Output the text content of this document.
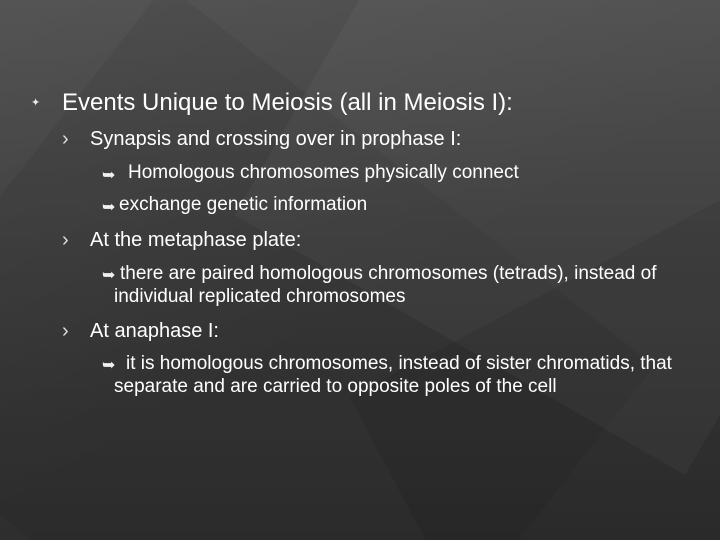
✦ Events Unique to Meiosis (all in Meiosis I):
› Synapsis and crossing over in prophase I:
➥ Homologous chromosomes physically connect
➥ exchange genetic information
› At the metaphase plate:
➥ there are paired homologous chromosomes (tetrads), instead of individual replicated chromosomes
› At anaphase I:
➥ it is homologous chromosomes, instead of sister chromatids, that separate and are carried to opposite poles of the cell
